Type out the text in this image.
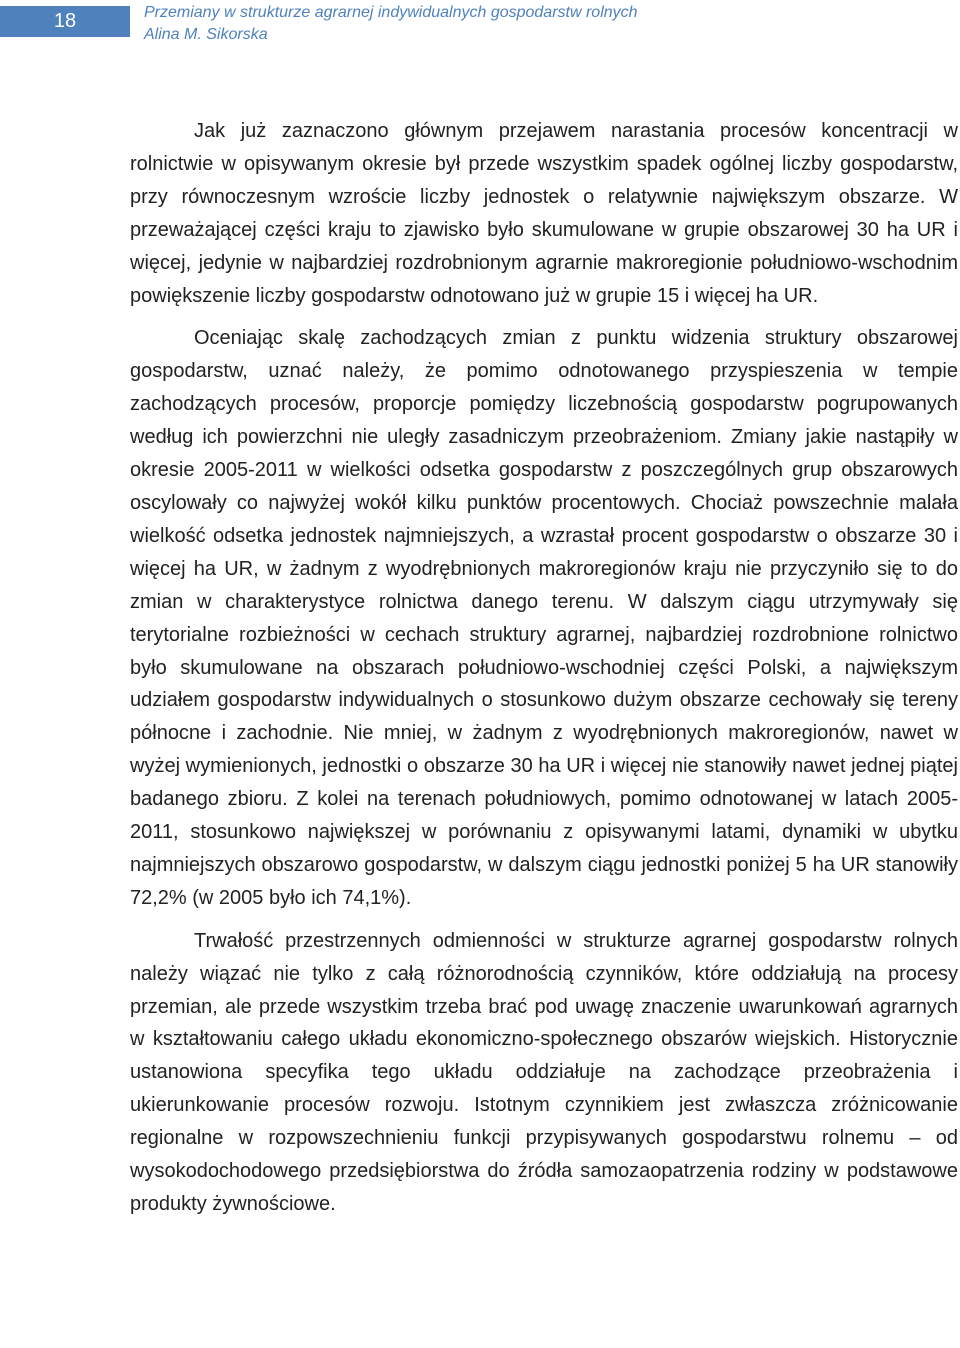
18	Przemiany w strukturze agrarnej indywidualnych gospodarstw rolnych
Alina M. Sikorska

Jak już zaznaczono głównym przejawem narastania procesów koncentracji w rolnictwie w opisywanym okresie był przede wszystkim spadek ogólnej liczby gospodarstw, przy równoczesnym wzroście liczby jednostek o relatywnie największym obszarze. W przeważającej części kraju to zjawisko było skumulowane w grupie obszarowej 30 ha UR i więcej, jedynie w najbardziej rozdrobnionym agrarnie makroregionie południowo-wschodnim powiększenie liczby gospodarstw odnotowano już w grupie 15 i więcej ha UR.

Oceniając skalę zachodzących zmian z punktu widzenia struktury obszarowej gospodarstw, uznać należy, że pomimo odnotowanego przyspieszenia w tempie zachodzących procesów, proporcje pomiędzy liczebnością gospodarstw pogrupowanych według ich powierzchni nie uległy zasadniczym przeobrażeniom. Zmiany jakie nastąpiły w okresie 2005-2011 w wielkości odsetka gospodarstw z poszczególnych grup obszarowych oscylowały co najwyżej wokół kilku punktów procentowych. Chociaż powszechnie malała wielkość odsetka jednostek najmniejszych, a wzrastał procent gospodarstw o obszarze 30 i więcej ha UR, w żadnym z wyodrębnionych makroregionów kraju nie przyczyniło się to do zmian w charakterystyce rolnictwa danego terenu. W dalszym ciągu utrzymywały się terytorialne rozbieżności w cechach struktury agrarnej, najbardziej rozdrobnione rolnictwo było skumulowane na obszarach południowo-wschodniej części Polski, a największym udziałem gospodarstw indywidualnych o stosunkowo dużym obszarze cechowały się tereny północne i zachodnie. Nie mniej, w żadnym z wyodrębnionych makroregionów, nawet w wyżej wymienionych, jednostki o obszarze 30 ha UR i więcej nie stanowiły nawet jednej piątej badanego zbioru. Z kolei na terenach południowych, pomimo odnotowanej w latach 2005-2011, stosunkowo największej w porównaniu z opisywanymi latami, dynamiki w ubytku najmniejszych obszarowo gospodarstw, w dalszym ciągu jednostki poniżej 5 ha UR stanowiły 72,2% (w 2005 było ich 74,1%).

Trwałość przestrzennych odmienności w strukturze agrarnej gospodarstw rolnych należy wiązać nie tylko z całą różnorodnością czynników, które oddziałują na procesy przemian, ale przede wszystkim trzeba brać pod uwagę znaczenie uwarunkowań agrarnych w kształtowaniu całego układu ekonomiczno-społecznego obszarów wiejskich. Historycznie ustanowiona specyfika tego układu oddziałuje na zachodzące przeobrażenia i ukierunkowanie procesów rozwoju. Istotnym czynnikiem jest zwłaszcza zróżnicowanie regionalne w rozpowszechnieniu funkcji przypisywanych gospodarstwu rolnemu – od wysokodochodowego przedsiębiorstwa do źródła samozaopatrzenia rodziny w podstawowe produkty żywnościowe.
